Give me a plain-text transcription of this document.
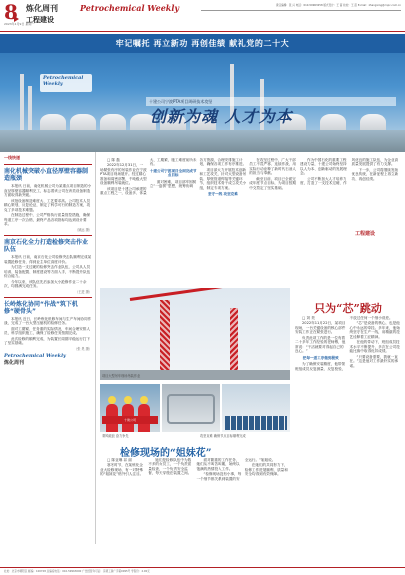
8 炼化周刊	Petrochemical Weekly
工程建设
2023年1月9日 星期一
责任编辑：张 兴 电话：010-59963258 版式设计：王 茜 检校：王 苗 E-mail：zhangxing@cnpc.com.cn
牢记嘱托 再立新功 再创佳绩 献礼党的二十大
Petrochemical Weekly
十建公司宁波PTA项目周研技术攻坚
创新为魂 人才为本
一线快递
南化机械突破小直径厚壁容器制造瓶颈

本报讯 日前，南化机械公司为某重点项目制造的小直径厚壁容器顺利完工，标志着该公司在该类设备制造方面取得新突破。

该批设备制造难度大、工艺要求高。公司技术人员精心策划，反复论证，制定了科学可行的制造方案，攻克了多项技术难题。

在制造过程中，公司严格执行质量管控措施，确保每道工序一次合格，最终产品各项指标均达到设计要求。

（姚远 摄）
南京石化全力打造检修突击作业队伍

本报讯 日前，南京石化公司检修突击队顺利完成某装置抢修任务，得到业主单位高度评价。

为打造一支过硬的检修突击作业队伍，公司从人员培训、装备配置、制度建设等方面入手，不断提升队伍综合能力。

今年以来，该队伍先后参加大小抢修作业二十余次，均圆满完成任务。

（王进 摄）
长岭炼化协同“作战”筑下机修“硬骨头”

本报讯 近日，长岭炼化机修车间与生产车间协同作战，完成了一台大型压缩机的检修任务。

面对工期紧、任务重的实际情况，车间合理安排人员，科学组织施工，确保了检修任务按期完成。

此次检修的顺利完成，为装置长周期平稳运行打下了坚实基础。

（张 昊 摄）
Petrochemical Weekly
炼化周刊

□ 陈 磊

2022年12月31日，一场紧张有序的吊装作业在宁波PTA项目现场展开。经过精心准备和周密部署，千吨级大型设备顺利吊装就位。

该项目是十建公司承建的重点工程之一，设备多、体量大、工期紧，施工难度前所未有。

十建公司宁波项目全面完成节点目标

面对困难，项目部牢固树立“一盘棋”思想，统筹协调各方资源，合理安排施工计划，确保各项工作有序推进。

项目部大力开展技术创新和工艺攻关，针对大型设备吊装、厚壁管道焊接等关键环节，组织技术骨干成立攻关小组，制定专项方案。

坚守一线 攻坚克难

在攻坚过程中，广大干部员工不畏严寒、连续作战，用实际行动诠释了新时代石油人的担当与奉献。

截至目前，项目已全面完成年度节点目标，为项目按期中交奠定了坚实基础。

作为中国石化的重要工程建设力量，十建公司始终坚持以人为本、创新驱动的发展理念。

公司不断加大人才培养力度，打造了一支技术过硬、作风优良的施工队伍，为企业高质量发展提供了有力支撑。

下一步，公司将继续发扬优良传统，在新征程上再立新功、再创佳绩。

工程建设
项目大型吊车现场吊装作业
十建公司
乘风破浪 奋力争先	攻坚克难 确保节点目标顺利完成
检修现场的“姐妹花”

□ 陈亚琳 祁 丽

寒冬时节，在某炼化企业大检修现场，有一对特殊的“姐妹花”格外引人注目。

她们是检修队伍中为数不多的女员工，一个负责质量检查，一个负责安全监督，每天穿梭在装置之间。

面对繁重的工作任务，她们从不叫苦叫累，始终以饱满的热情投入工作。

“检修现场没有小事，每一个细节都关系到装置的安全运行。”姐姐说。

在她们的共同努力下，检修工作进展顺利，质量和安全均得到有效保障。

只为“芯”跳动

□ 刘 昊

2022年11月22日，某项目现场，一台关键设备的核心部件安装工作正在紧张进行。

负责此项工作的是一位有着二十多年工作经验的老师傅，他常说：“干活就要对得起自己的良心。”

把每一道工序做到极致

为了确保安装精度，他带领班组成员反复测量、反复校验，不放过任何一个细小误差。

“芯”是设备的核心，也是他心中永远的牵挂。多年来，他始终坚守在生产一线，用精湛的技艺诠释着工匠精神。

在他的带动下，班组成员技术水平不断提升，多次在公司技能比赛中取得优异成绩。

“只要设备需要，我就一直在。”这是他对工作最朴实的承诺。

社址：北京市朝阳区 邮编：100728 总编室电话：010-59963000 广告经营许可证：京朝工商广字第0095号 零售价：2.00元
